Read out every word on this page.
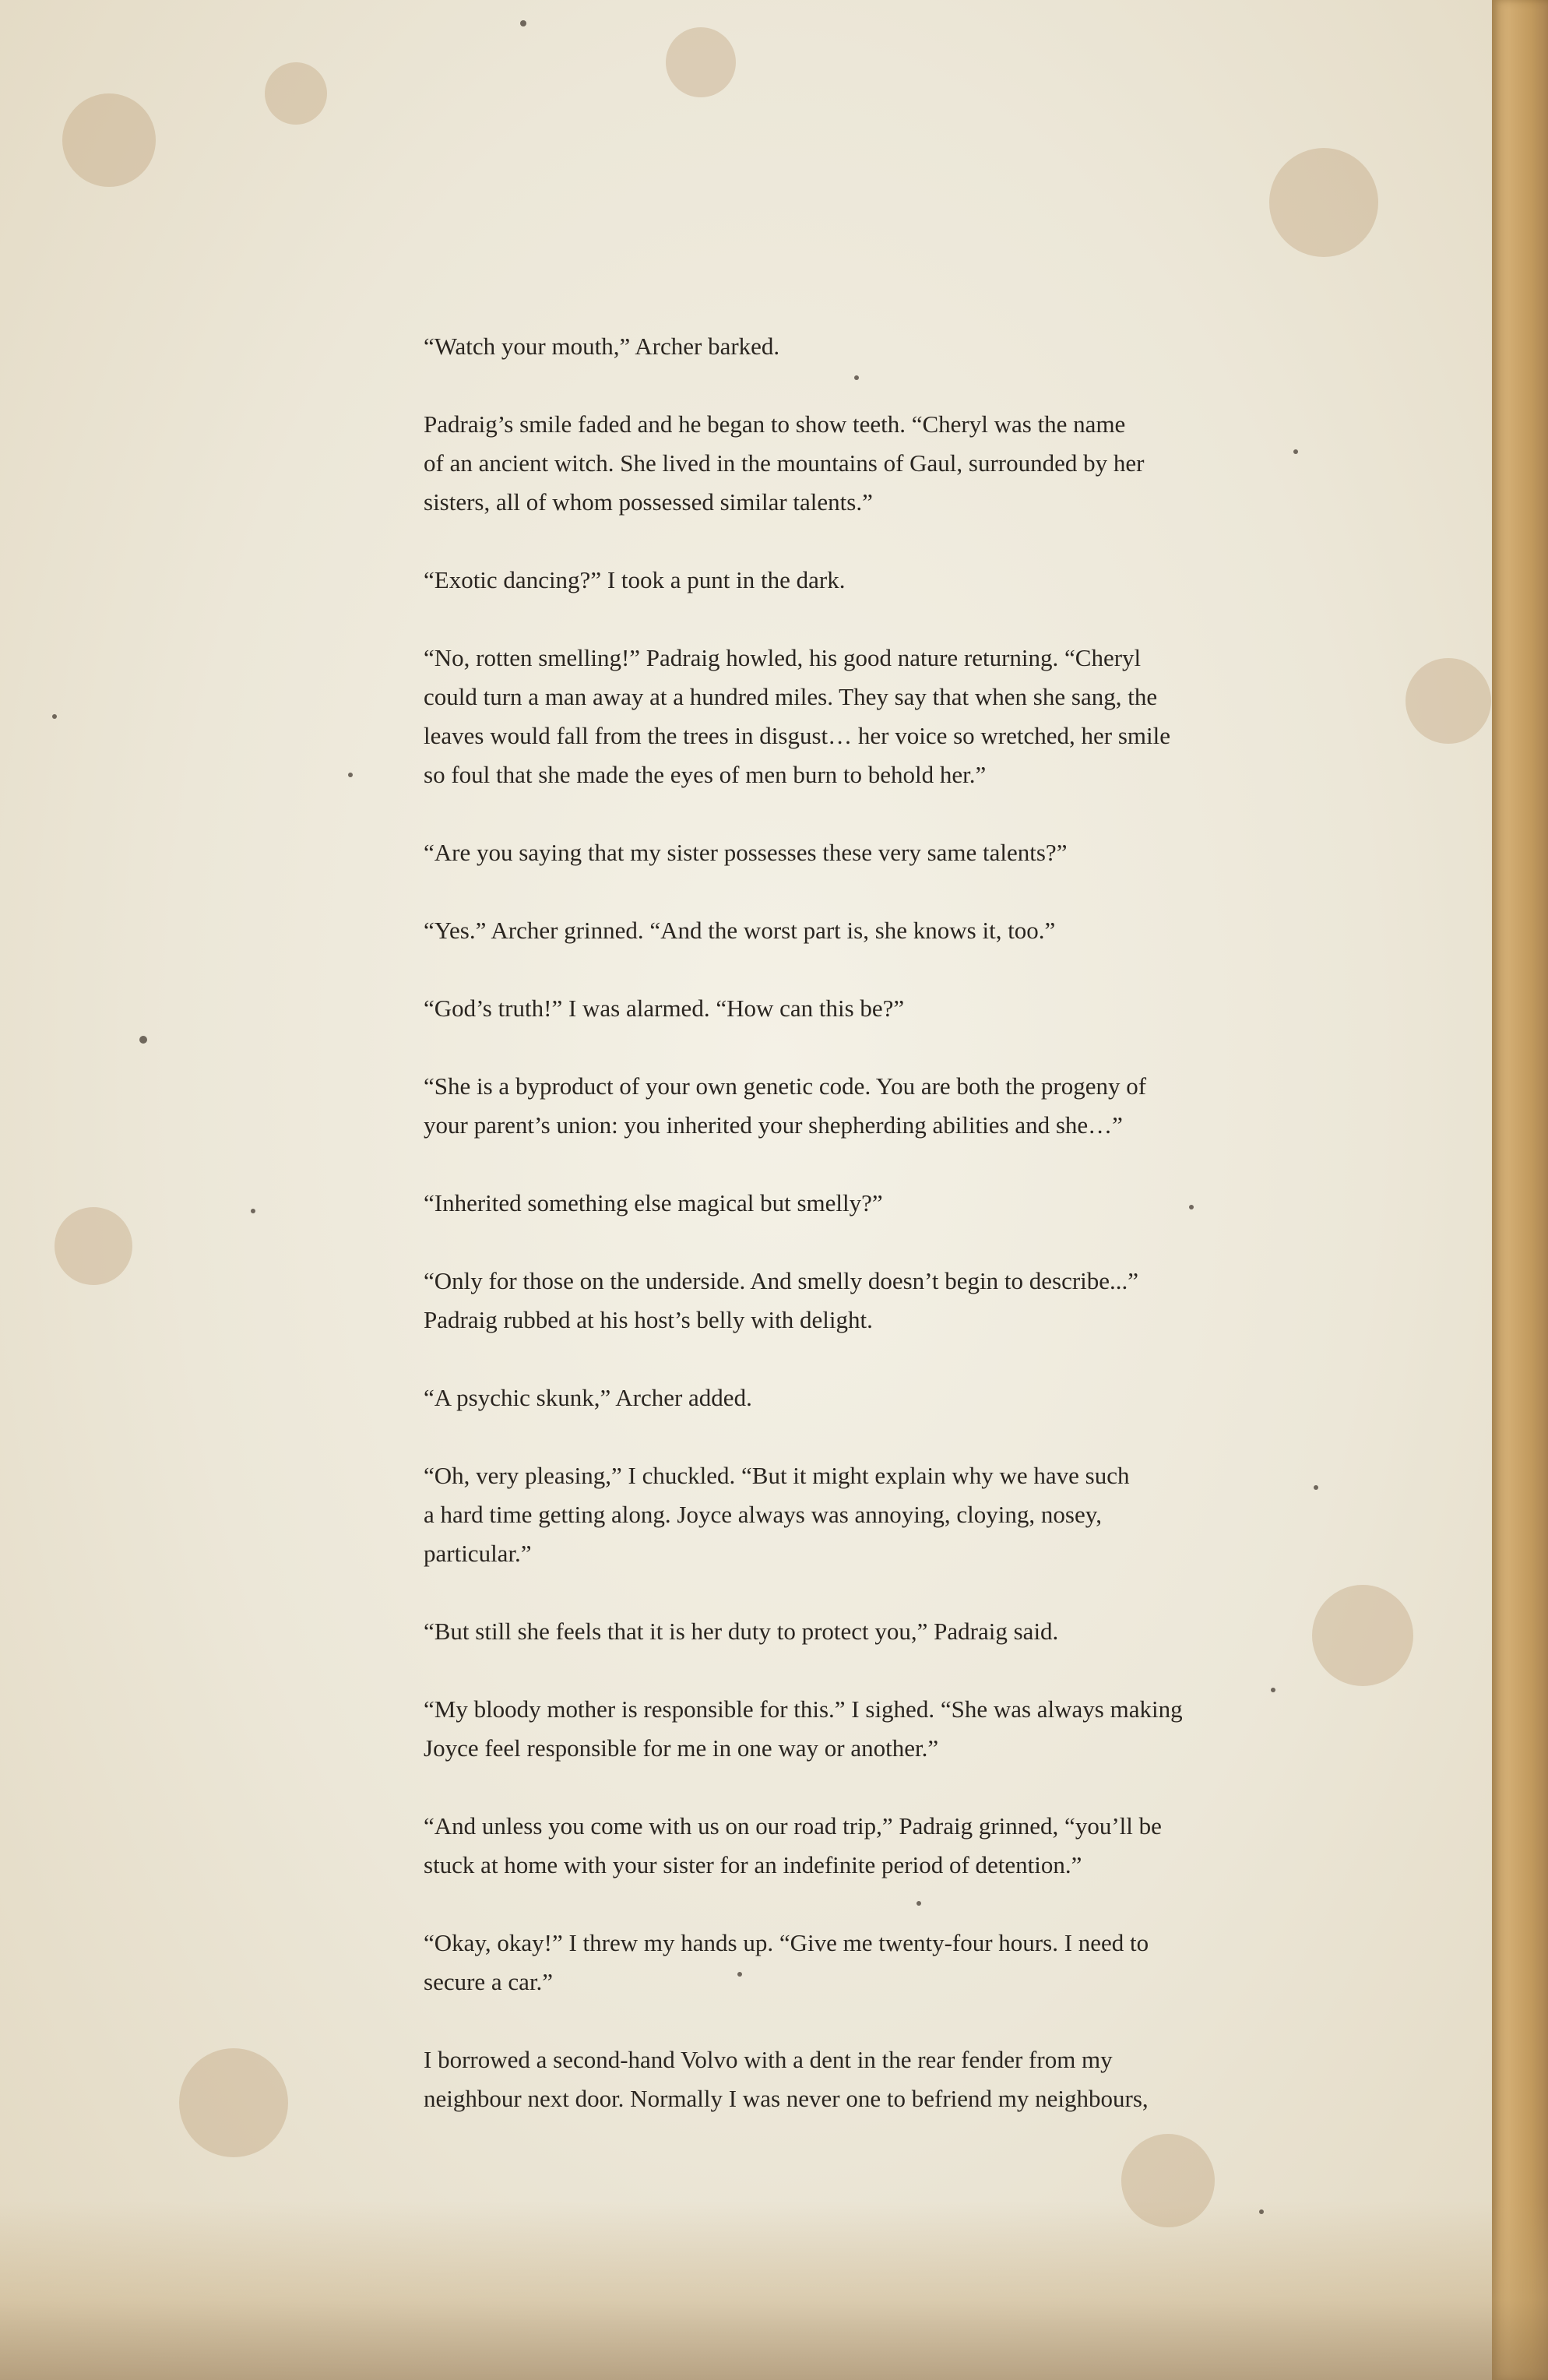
“Watch your mouth,” Archer barked.

Padraig’s smile faded and he began to show teeth. “Cheryl was the name
of an ancient witch. She lived in the mountains of Gaul, surrounded by her
sisters, all of whom possessed similar talents.”

“Exotic dancing?” I took a punt in the dark.

“No, rotten smelling!” Padraig howled, his good nature returning. “Cheryl
could turn a man away at a hundred miles. They say that when she sang, the
leaves would fall from the trees in disgust… her voice so wretched, her smile
so foul that she made the eyes of men burn to behold her.”

“Are you saying that my sister possesses these very same talents?”

“Yes.” Archer grinned. “And the worst part is, she knows it, too.”

“God’s truth!” I was alarmed. “How can this be?”

“She is a byproduct of your own genetic code. You are both the progeny of
your parent’s union: you inherited your shepherding abilities and she…”

“Inherited something else magical but smelly?”

“Only for those on the underside. And smelly doesn’t begin to describe...”
Padraig rubbed at his host’s belly with delight.

“A psychic skunk,” Archer added.

“Oh, very pleasing,” I chuckled. “But it might explain why we have such
a hard time getting along. Joyce always was annoying, cloying, nosey,
particular.”

“But still she feels that it is her duty to protect you,” Padraig said.

“My bloody mother is responsible for this.” I sighed. “She was always making
Joyce feel responsible for me in one way or another.”

“And unless you come with us on our road trip,” Padraig grinned, “you’ll be
stuck at home with your sister for an indefinite period of detention.”

“Okay, okay!” I threw my hands up. “Give me twenty-four hours. I need to
secure a car.”

I borrowed a second-hand Volvo with a dent in the rear fender from my
neighbour next door. Normally I was never one to befriend my neighbours,
